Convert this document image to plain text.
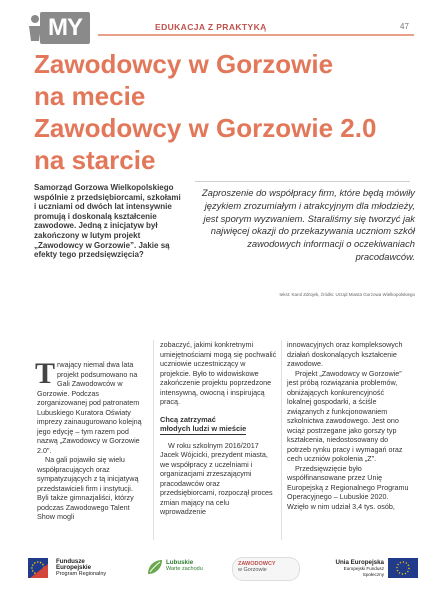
MY	EDUKACJA Z PRAKTYKĄ	47
Zawodowcy w Gorzowie
na mecie
Zawodowcy w Gorzowie 2.0
na starcie

Samorząd Gorzowa Wielkopolskiego wspólnie z przedsiębiorcami, szkołami i uczniami od dwóch lat intensywnie promują i doskonalą kształcenie zawodowe. Jedną z inicjatyw był zakończony w lutym projekt „Zawodowcy w Gorzowie”. Jakie są efekty tego przedsięwzięcia?

Zaproszenie do współpracy firm, które będą mówiły językiem zrozumiałym i atrakcyjnym dla młodzieży, jest sporym wyzwaniem. Staraliśmy się tworzyć jak najwięcej okazji do przekazywania uczniom szkół zawodowych informacji o oczekiwaniach pracodawców.

tekst: Karol Zdrojek, źródło: Urząd Miasta Gorzowa Wielkopolskiego

Trwający niemal dwa lata projekt podsumowano na Gali Zawodowców w Gorzowie. Podczas zorganizowanej pod patronatem Lubuskiego Kuratora Oświaty imprezy zainaugurowano kolejną jego edycję – tym razem pod nazwą „Zawodowcy w Gorzowie 2.0”.

Na gali pojawiło się wielu współpracujących oraz sympatyzujących z tą inicjatywą przedstawicieli firm i instytucji. Byli także gimnazjaliści, którzy podczas Zawodowego Talent Show mogli

zobaczyć, jakimi konkretnymi umiejętnościami mogą się pochwalić uczniowie uczestniczący w projekcie. Było to widowiskowe zakończenie projektu poprzedzone intensywną, owocną i inspirującą pracą.

Chcą zatrzymać
młodych ludzi w mieście

W roku szkolnym 2016/2017 Jacek Wójcicki, prezydent miasta, we współpracy z uczelniami i organizacjami zrzeszającymi pracodawców oraz przedsiębiorcami, rozpoczął proces zmian mający na celu wprowadzenie

innowacyjnych oraz kompleksowych działań doskonalących kształcenie zawodowe.

Projekt „Zawodowcy w Gorzowie” jest próbą rozwiązania problemów, obniżających konkurencyjność lokalnej gospodarki, a ściśle związanych z funkcjonowaniem szkolnictwa zawodowego. Jest ono wciąż postrzegane jako gorszy typ kształcenia, niedostosowany do potrzeb rynku pracy i wymagań oraz cech uczniów pokolenia „Z”.

Przedsięwzięcie było współfinansowane przez Unię Europejską z Regionalnego Programu Operacyjnego – Lubuskie 2020. Wzięło w nim udział 3,4 tys. osób,

Fundusze Europejskie
Program Regionalny
Lubuskie
Warte zachodu
ZAWODOWCY
w Gorzowie
Unia Europejska
Europejski Fundusz Społeczny
